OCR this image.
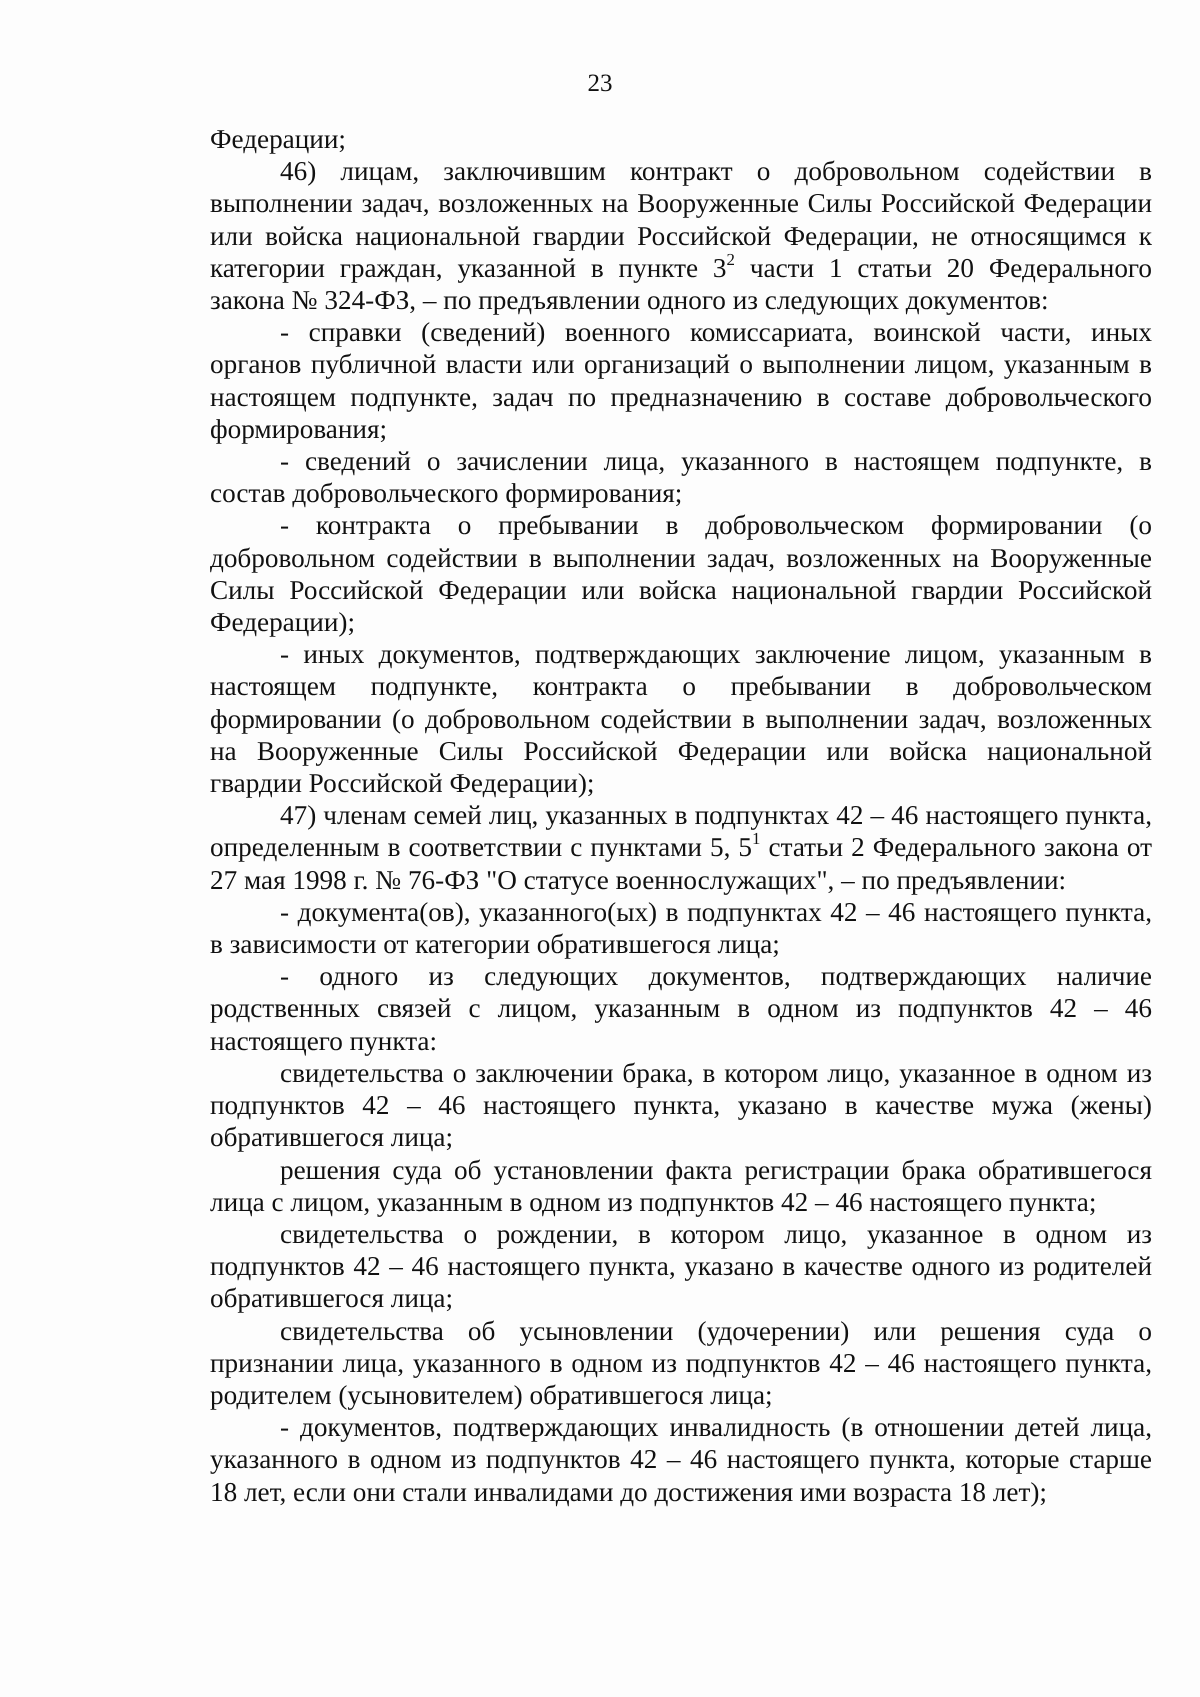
23

Федерации;

46) лицам, заключившим контракт о добровольном содействии в выполнении задач, возложенных на Вооруженные Силы Российской Федерации или войска национальной гвардии Российской Федерации, не относящимся к категории граждан, указанной в пункте $3^2$ части 1 статьи 20 Федерального закона № 324-ФЗ, – по предъявлении одного из следующих документов:

- справки (сведений) военного комиссариата, воинской части, иных органов публичной власти или организаций о выполнении лицом, указанным в настоящем подпункте, задач по предназначению в составе добровольческого формирования;

- сведений о зачислении лица, указанного в настоящем подпункте, в состав добровольческого формирования;

- контракта о пребывании в добровольческом формировании (о добровольном содействии в выполнении задач, возложенных на Вооруженные Силы Российской Федерации или войска национальной гвардии Российской Федерации);

- иных документов, подтверждающих заключение лицом, указанным в настоящем подпункте, контракта о пребывании в добровольческом формировании (о добровольном содействии в выполнении задач, возложенных на Вооруженные Силы Российской Федерации или войска национальной гвардии Российской Федерации);

47) членам семей лиц, указанных в подпунктах 42 – 46 настоящего пункта, определенным в соответствии с пунктами 5, $5^1$ статьи 2 Федерального закона от 27 мая 1998 г. № 76-ФЗ "О статусе военнослужащих", – по предъявлении:

- документа(ов), указанного(ых) в подпунктах 42 – 46 настоящего пункта, в зависимости от категории обратившегося лица;

- одного из следующих документов, подтверждающих наличие родственных связей с лицом, указанным в одном из подпунктов 42 – 46 настоящего пункта:

свидетельства о заключении брака, в котором лицо, указанное в одном из подпунктов 42 – 46 настоящего пункта, указано в качестве мужа (жены) обратившегося лица;

решения суда об установлении факта регистрации брака обратившегося лица с лицом, указанным в одном из подпунктов 42 – 46 настоящего пункта;

свидетельства о рождении, в котором лицо, указанное в одном из подпунктов 42 – 46 настоящего пункта, указано в качестве одного из родителей обратившегося лица;

свидетельства об усыновлении (удочерении) или решения суда о признании лица, указанного в одном из подпунктов 42 – 46 настоящего пункта, родителем (усыновителем) обратившегося лица;

- документов, подтверждающих инвалидность (в отношении детей лица, указанного в одном из подпунктов 42 – 46 настоящего пункта, которые старше 18 лет, если они стали инвалидами до достижения ими возраста 18 лет);
